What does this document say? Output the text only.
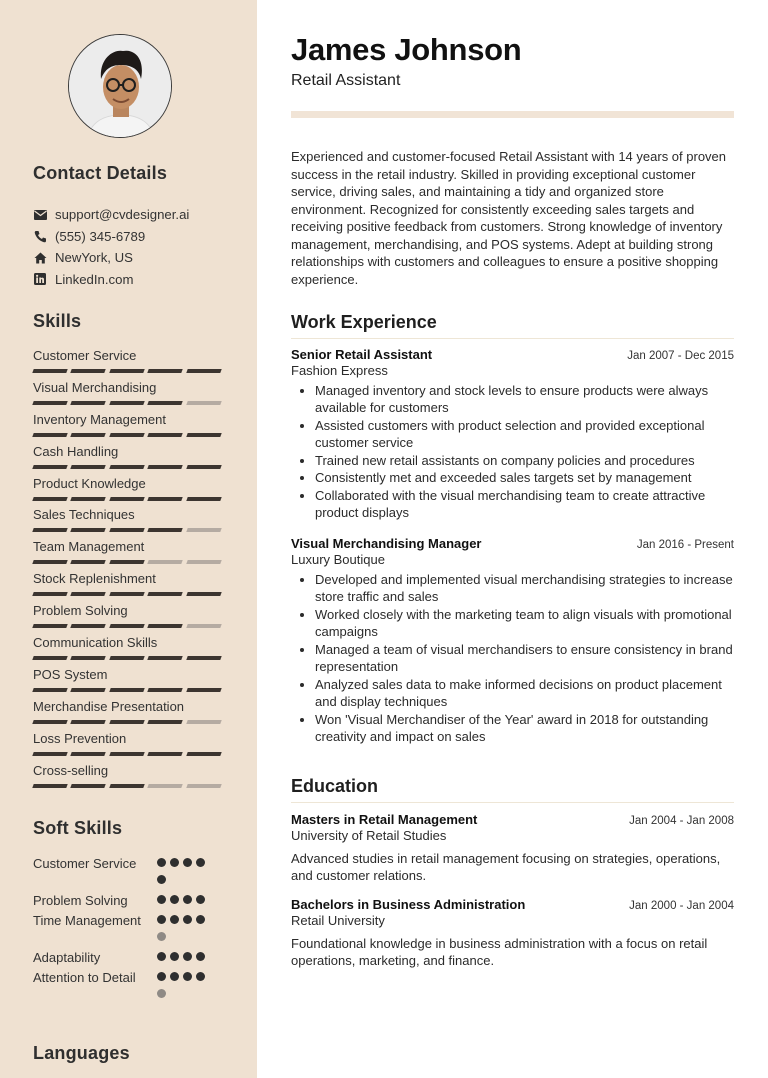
Contact Details
support@cvdesigner.ai
(555) 345-6789
NewYork, US
LinkedIn.com
Skills
Customer Service
Visual Merchandising
Inventory Management
Cash Handling
Product Knowledge
Sales Techniques
Team Management
Stock Replenishment
Problem Solving
Communication Skills
POS System
Merchandise Presentation
Loss Prevention
Cross-selling
Soft Skills
Customer Service
Problem Solving
Time Management
Adaptability
Attention to Detail
Languages
James Johnson
Retail Assistant
Experienced and customer-focused Retail Assistant with 14 years of proven success in the retail industry. Skilled in providing exceptional customer service, driving sales, and maintaining a tidy and organized store environment. Recognized for consistently exceeding sales targets and receiving positive feedback from customers. Strong knowledge of inventory management, merchandising, and POS systems. Adept at building strong relationships with customers and colleagues to ensure a positive shopping experience.
Work Experience
Senior Retail Assistant	Jan 2007 - Dec 2015
Fashion Express
• Managed inventory and stock levels to ensure products were always available for customers
• Assisted customers with product selection and provided exceptional customer service
• Trained new retail assistants on company policies and procedures
• Consistently met and exceeded sales targets set by management
• Collaborated with the visual merchandising team to create attractive product displays
Visual Merchandising Manager	Jan 2016 - Present
Luxury Boutique
• Developed and implemented visual merchandising strategies to increase store traffic and sales
• Worked closely with the marketing team to align visuals with promotional campaigns
• Managed a team of visual merchandisers to ensure consistency in brand representation
• Analyzed sales data to make informed decisions on product placement and display techniques
• Won 'Visual Merchandiser of the Year' award in 2018 for outstanding creativity and impact on sales
Education
Masters in Retail Management	Jan 2004 - Jan 2008
University of Retail Studies
Advanced studies in retail management focusing on strategies, operations, and customer relations.
Bachelors in Business Administration	Jan 2000 - Jan 2004
Retail University
Foundational knowledge in business administration with a focus on retail operations, marketing, and finance.
